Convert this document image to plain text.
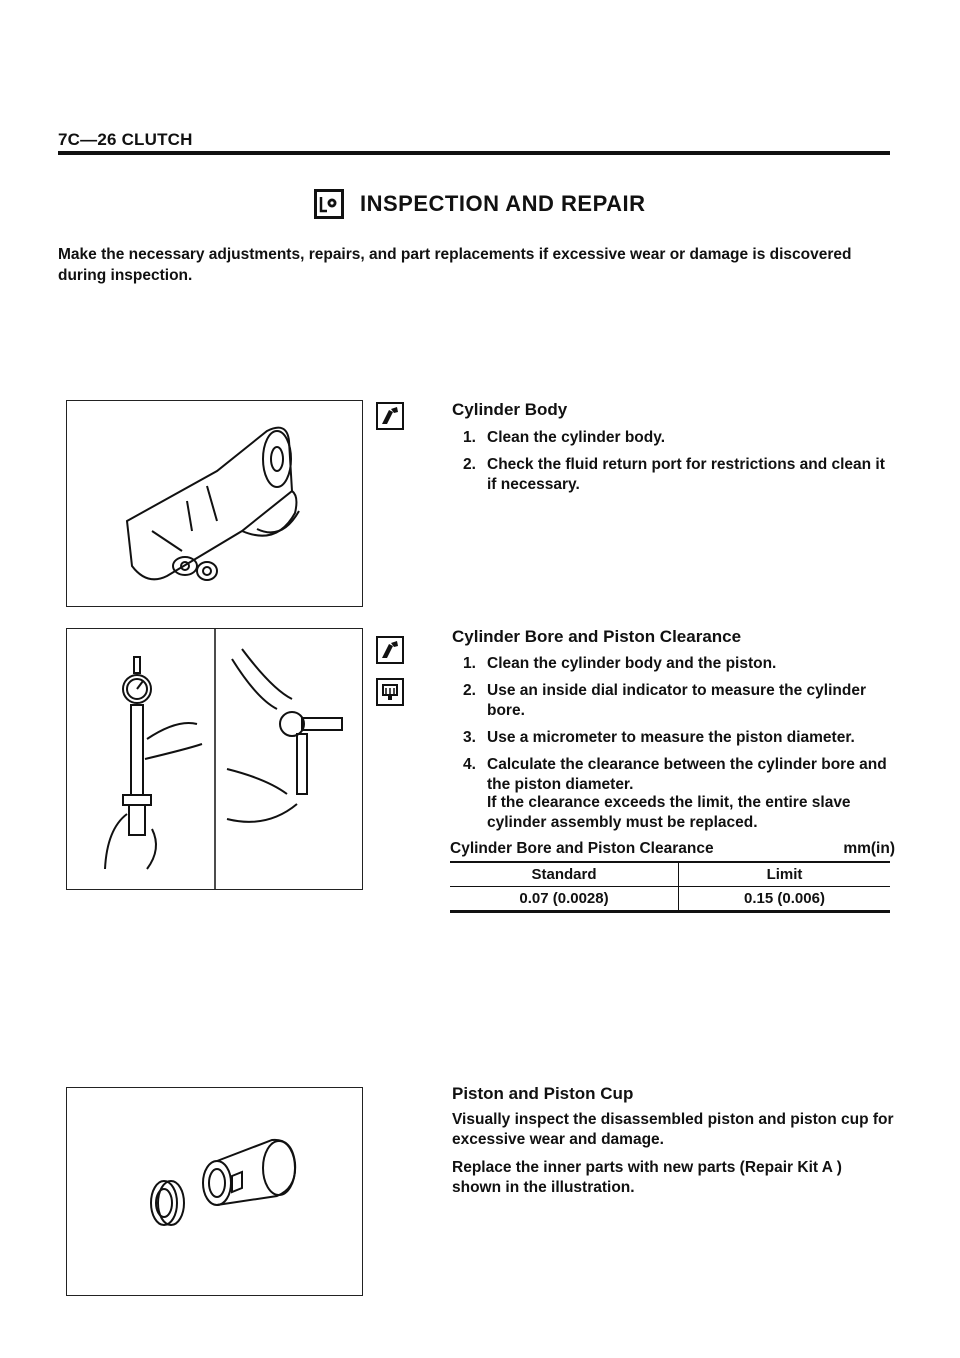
7C—26 CLUTCH
INSPECTION AND REPAIR
Make the necessary adjustments, repairs, and part replacements if excessive wear or damage is discovered during inspection.
Cylinder Body
1. Clean the cylinder body.
2. Check the fluid return port for restrictions and clean it if necessary.
Cylinder Bore and Piston Clearance
1. Clean the cylinder body and the piston.
2. Use an inside dial indicator to measure the cylinder bore.
3. Use a micrometer to measure the piston diameter.
4. Calculate the clearance between the cylinder bore and the piston diameter.
If the clearance exceeds the limit, the entire slave cylinder assembly must be replaced.
Cylinder Bore and Piston Clearance	mm(in)
Standard	Limit
0.07 (0.0028)	0.15 (0.006)
Piston and Piston Cup
Visually inspect the disassembled piston and piston cup for excessive wear and damage.
Replace the inner parts with new parts (Repair Kit A ) shown in the illustration.
